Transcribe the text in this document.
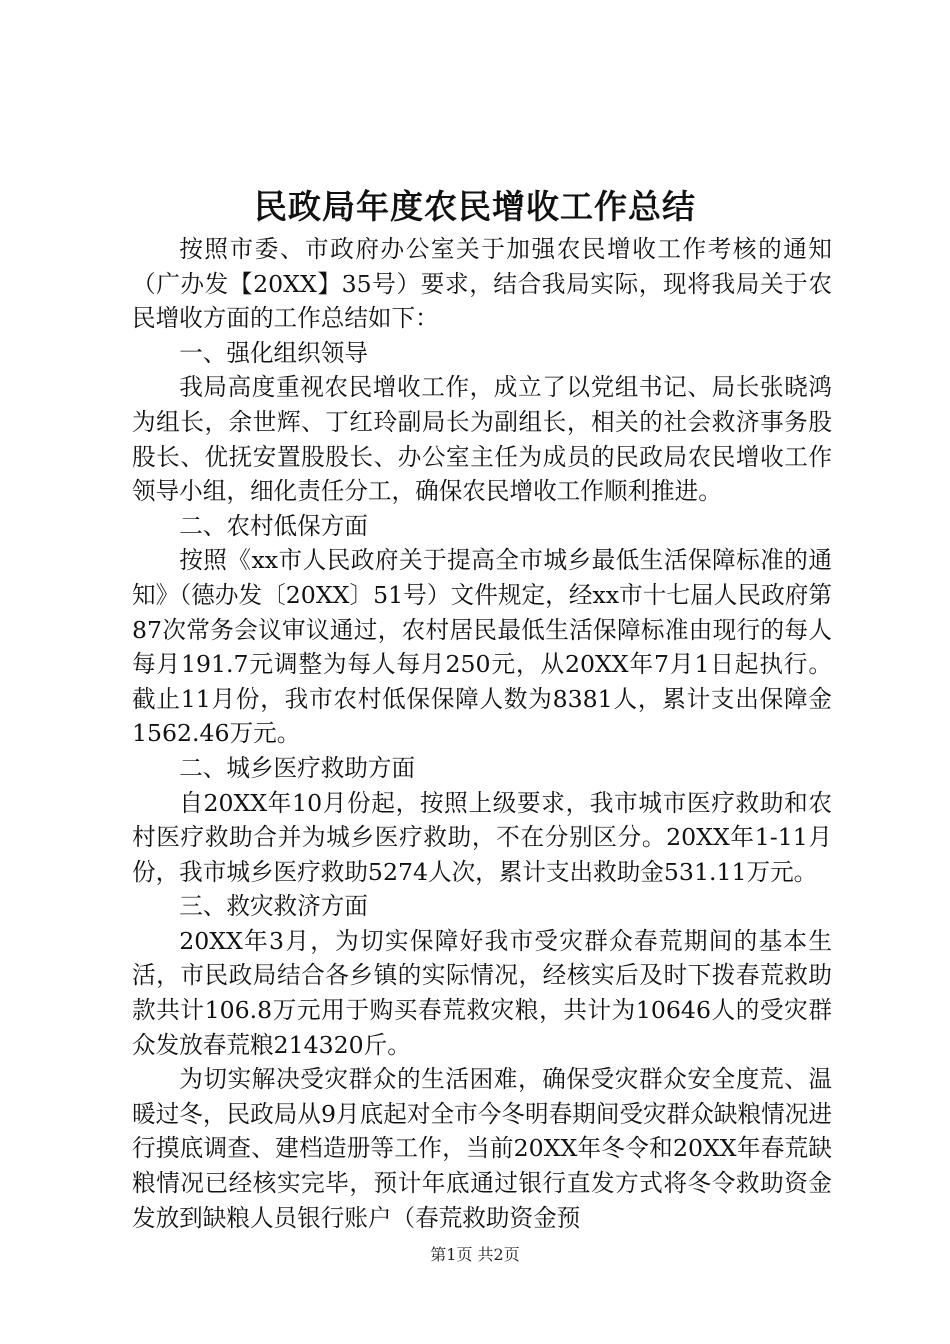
民政局年度农民增收工作总结

按照市委、市政府办公室关于加强农民增收工作考核的通知（广办发【20XX】35号）要求，结合我局实际，现将我局关于农民增收方面的工作总结如下：

一、强化组织领导

我局高度重视农民增收工作，成立了以党组书记、局长张晓鸿为组长，余世辉、丁红玲副局长为副组长，相关的社会救济事务股股长、优抚安置股股长、办公室主任为成员的民政局农民增收工作领导小组，细化责任分工，确保农民增收工作顺利推进。

二、农村低保方面

按照《xx市人民政府关于提高全市城乡最低生活保障标准的通知》（德办发〔20XX〕51号）文件规定，经xx市十七届人民政府第87次常务会议审议通过，农村居民最低生活保障标准由现行的每人每月191.7元调整为每人每月250元，从20XX年7月1日起执行。截止11月份，我市农村低保保障人数为8381人，累计支出保障金1562.46万元。

二、城乡医疗救助方面

自20XX年10月份起，按照上级要求，我市城市医疗救助和农村医疗救助合并为城乡医疗救助，不在分别区分。20XX年1-11月份，我市城乡医疗救助5274人次，累计支出救助金531.11万元。

三、救灾救济方面

20XX年3月，为切实保障好我市受灾群众春荒期间的基本生活，市民政局结合各乡镇的实际情况，经核实后及时下拨春荒救助款共计106.8万元用于购买春荒救灾粮，共计为10646人的受灾群众发放春荒粮214320斤。

为切实解决受灾群众的生活困难，确保受灾群众安全度荒、温暖过冬，民政局从9月底起对全市今冬明春期间受灾群众缺粮情况进行摸底调查、建档造册等工作，当前20XX年冬令和20XX年春荒缺粮情况已经核实完毕，预计年底通过银行直发方式将冬令救助资金发放到缺粮人员银行账户（春荒救助资金预

第1页 共2页
